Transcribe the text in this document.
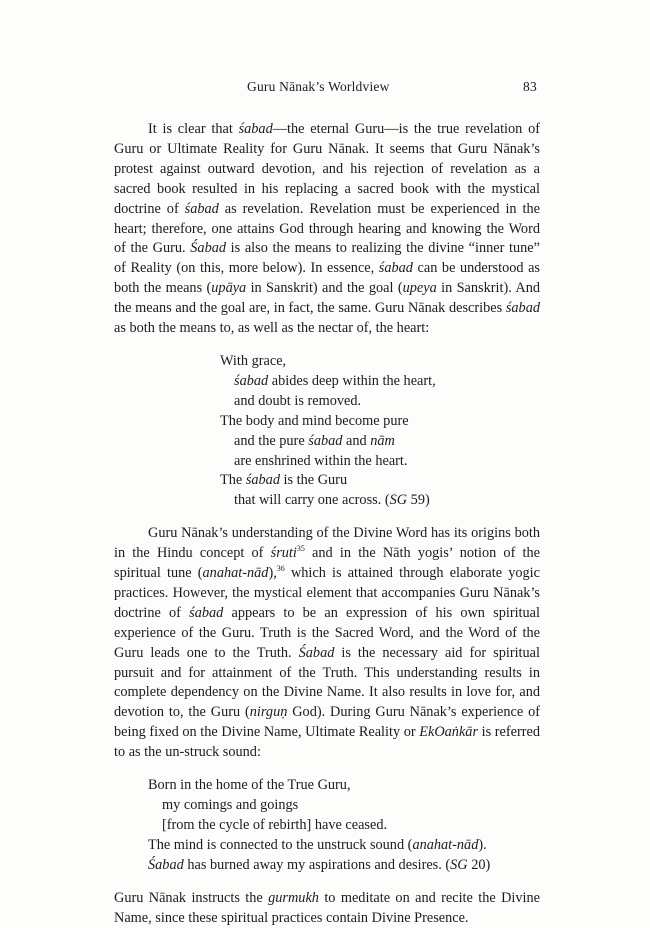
Guru Nānak’s Worldview	83

It is clear that śabad—the eternal Guru—is the true revelation of Guru or Ultimate Reality for Guru Nānak. It seems that Guru Nānak’s protest against outward devotion, and his rejection of revelation as a sacred book resulted in his replacing a sacred book with the mystical doctrine of śabad as revelation. Revelation must be experienced in the heart; therefore, one attains God through hearing and knowing the Word of the Guru. Śabad is also the means to realizing the divine “inner tune” of Reality (on this, more below). In essence, śabad can be understood as both the means (upāya in Sanskrit) and the goal (upeya in Sanskrit). And the means and the goal are, in fact, the same. Guru Nānak describes śabad as both the means to, as well as the nectar of, the heart:

With grace,
śabad abides deep within the heart,
and doubt is removed.
The body and mind become pure
and the pure śabad and nām
are enshrined within the heart.
The śabad is the Guru
that will carry one across. (SG 59)

Guru Nānak’s understanding of the Divine Word has its origins both in the Hindu concept of śruti$^{35}$ and in the Nāth yogis’ notion of the spiritual tune (anahat-nād),$^{36}$ which is attained through elaborate yogic practices. However, the mystical element that accompanies Guru Nānak’s doctrine of śabad appears to be an expression of his own spiritual experience of the Guru. Truth is the Sacred Word, and the Word of the Guru leads one to the Truth. Śabad is the necessary aid for spiritual pursuit and for attainment of the Truth. This understanding results in complete dependency on the Divine Name. It also results in love for, and devotion to, the Guru (nirguṇ God). During Guru Nānak’s experience of being fixed on the Divine Name, Ultimate Reality or EkOaṅkār is referred to as the un-struck sound:

Born in the home of the True Guru,
my comings and goings
[from the cycle of rebirth] have ceased.
The mind is connected to the unstruck sound (anahat-nād).
Śabad has burned away my aspirations and desires. (SG 20)

Guru Nānak instructs the gurmukh to meditate on and recite the Divine Name, since these spiritual practices contain Divine Presence.
